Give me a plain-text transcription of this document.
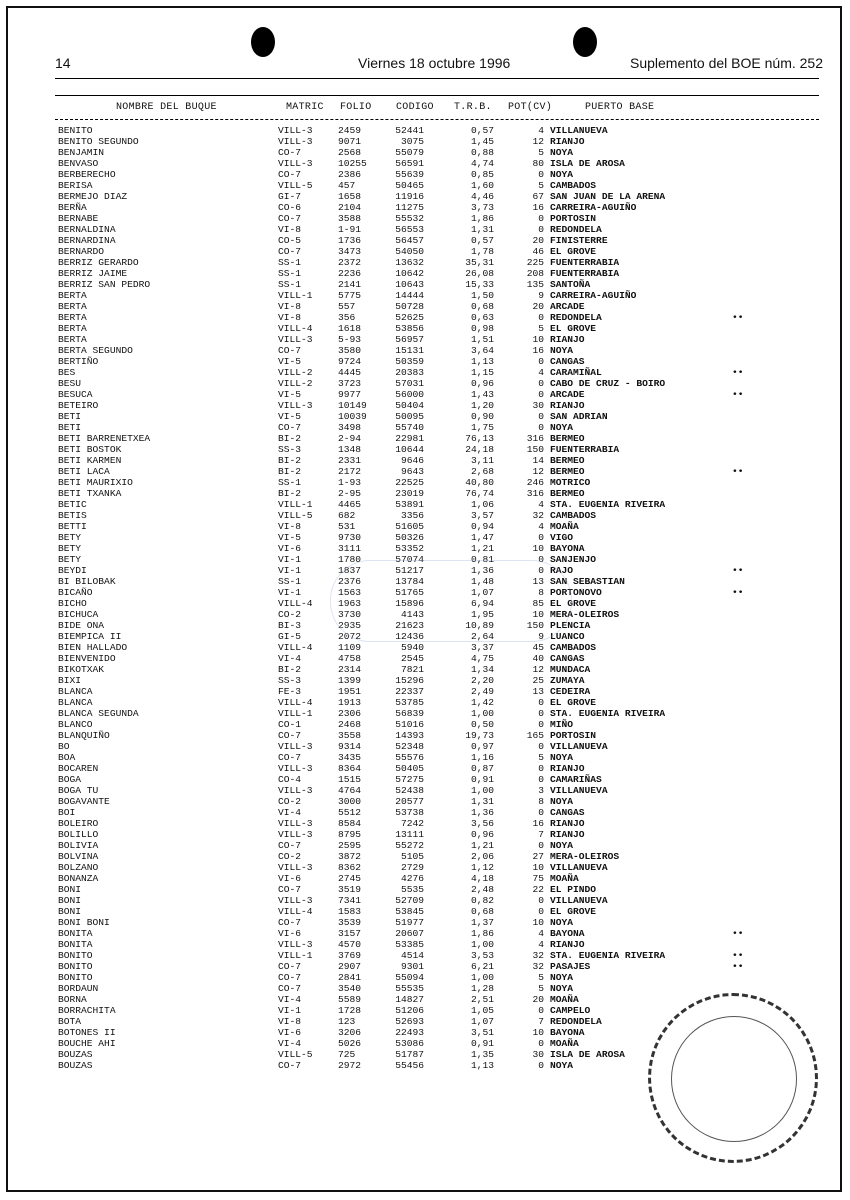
14	Viernes 18 octubre 1996	Suplemento del BOE núm. 252
NOMBRE DEL BUQUE	MATRIC FOLIO CODIGO T.R.B. POT(CV)	PUERTO BASE
BENITO	VILL-3	2459	52441	0,57	4 VILLANUEVA
BENITO SEGUNDO	VILL-3	9071	3075	1,45	12 RIANJO
BENJAMIN	CO-7	2568	55079	0,88	5 NOYA
BENVASO	VILL-3	10255	56591	4,74	80 ISLA DE AROSA
BERBERECHO	CO-7	2386	55639	0,85	0 NOYA
BERISA	VILL-5	457	50465	1,60	5 CAMBADOS
BERMEJO DIAZ	GI-7	1658	11916	4,46	67 SAN JUAN DE LA ARENA
BERÑA	CO-6	2104	11275	3,73	16 CARREIRA-AGUIÑO
BERNABE	CO-7	3588	55532	1,86	0 PORTOSIN
BERNALDINA	VI-8	1-91	56553	1,31	0 REDONDELA
BERNARDINA	CO-5	1736	56457	0,57	20 FINISTERRE
BERNARDO	CO-7	3473	54050	1,78	46 EL GROVE
BERRIZ GERARDO	SS-1	2372	13632	35,31	225 FUENTERRABIA
BERRIZ JAIME	SS-1	2236	10642	26,08	208 FUENTERRABIA
BERRIZ SAN PEDRO	SS-1	2141	10643	15,33	135 SANTOÑA
BERTA	VILL-1	5775	14444	1,50	9 CARREIRA-AGUIÑO
BERTA	VI-8	557	50728	0,68	20 ARCADE
BERTA	VI-8	356	52625	0,63	0 REDONDELA	••
BERTA	VILL-4	1618	53856	0,98	5 EL GROVE
BERTA	VILL-3	5-93	56957	1,51	10 RIANJO
BERTA SEGUNDO	CO-7	3580	15131	3,64	16 NOYA
BERTIÑO	VI-5	9724	50359	1,13	0 CANGAS
BES	VILL-2	4445	20383	1,15	4 CARAMIÑAL	••
BESU	VILL-2	3723	57031	0,96	0 CABO DE CRUZ - BOIRO
BESUCA	VI-5	9977	56000	1,43	0 ARCADE	••
BETEIRO	VILL-3	10149	50404	1,20	30 RIANJO
BETI	VI-5	10039	50095	0,90	0 SAN ADRIAN
BETI	CO-7	3498	55740	1,75	0 NOYA
BETI BARRENETXEA	BI-2	2-94	22981	76,13	316 BERMEO
BETI BOSTOK	SS-3	1348	10644	24,18	150 FUENTERRABIA
BETI KARMEN	BI-2	2331	9646	3,11	14 BERMEO
BETI LACA	BI-2	2172	9643	2,68	12 BERMEO	••
BETI MAURIXIO	SS-1	1-93	22525	40,80	246 MOTRICO
BETI TXANKA	BI-2	2-95	23019	76,74	316 BERMEO
BETIC	VILL-1	4465	53891	1,06	4 STA. EUGENIA RIVEIRA
BETIS	VILL-5	682	3356	3,57	32 CAMBADOS
BETTI	VI-8	531	51605	0,94	4 MOAÑA
BETY	VI-5	9730	50326	1,47	0 VIGO
BETY	VI-6	3111	53352	1,21	10 BAYONA
BETY	VI-1	1780	57074	0,81	0 SANJENJO
BEYDI	VI-1	1837	51217	1,36	0 RAJO	••
BI BILOBAK	SS-1	2376	13784	1,48	13 SAN SEBASTIAN
BICAÑO	VI-1	1563	51765	1,07	8 PORTONOVO	••
BICHO	VILL-4	1963	15896	6,94	85 EL GROVE
BICHUCA	CO-2	3730	4143	1,95	10 MERA-OLEIROS
BIDE ONA	BI-3	2935	21623	10,89	150 PLENCIA
BIEMPICA II	GI-5	2072	12436	2,64	9 LUANCO
BIEN HALLADO	VILL-4	1109	5940	3,37	45 CAMBADOS
BIENVENIDO	VI-4	4758	2545	4,75	40 CANGAS
BIKOTXAK	BI-2	2314	7821	1,34	12 MUNDACA
BIXI	SS-3	1399	15296	2,20	25 ZUMAYA
BLANCA	FE-3	1951	22337	2,49	13 CEDEIRA
BLANCA	VILL-4	1913	53785	1,42	0 EL GROVE
BLANCA SEGUNDA	VILL-1	2306	56839	1,00	0 STA. EUGENIA RIVEIRA
BLANCO	CO-1	2468	51016	0,50	0 MIÑO
BLANQUIÑO	CO-7	3558	14393	19,73	165 PORTOSIN
BO	VILL-3	9314	52348	0,97	0 VILLANUEVA
BOA	CO-7	3435	55576	1,16	5 NOYA
BOCAREN	VILL-3	8364	50405	0,87	0 RIANJO
BOGA	CO-4	1515	57275	0,91	0 CAMARIÑAS
BOGA TU	VILL-3	4764	52438	1,00	3 VILLANUEVA
BOGAVANTE	CO-2	3000	20577	1,31	8 NOYA
BOI	VI-4	5512	53738	1,36	0 CANGAS
BOLEIRO	VILL-3	8584	7242	3,56	16 RIANJO
BOLILLO	VILL-3	8795	13111	0,96	7 RIANJO
BOLIVIA	CO-7	2595	55272	1,21	0 NOYA
BOLVINA	CO-2	3872	5105	2,06	27 MERA-OLEIROS
BOLZANO	VILL-3	8362	2729	1,12	10 VILLANUEVA
BONANZA	VI-6	2745	4276	4,18	75 MOAÑA
BONI	CO-7	3519	5535	2,48	22 EL PINDO
BONI	VILL-3	7341	52709	0,82	0 VILLANUEVA
BONI	VILL-4	1583	53845	0,68	0 EL GROVE
BONI BONI	CO-7	3539	51977	1,37	10 NOYA
BONITA	VI-6	3157	20607	1,86	4 BAYONA	••
BONITA	VILL-3	4570	53385	1,00	4 RIANJO
BONITO	VILL-1	3769	4514	3,53	32 STA. EUGENIA RIVEIRA	••
BONITO	CO-7	2907	9301	6,21	32 PASAJES	••
BONITO	CO-7	2841	55094	1,00	5 NOYA
BORDAUN	CO-7	3540	55535	1,28	5 NOYA
BORNA	VI-4	5589	14827	2,51	20 MOAÑA
BORRACHITA	VI-1	1728	51206	1,05	0 CAMPELO
BOTA	VI-8	123	52693	1,07	7 REDONDELA
BOTONES II	VI-6	3206	22493	3,51	10 BAYONA
BOUCHE AHI	VI-4	5026	53086	0,91	0 MOAÑA
BOUZAS	VILL-5	725	51787	1,35	30 ISLA DE AROSA
BOUZAS	CO-7	2972	55456	1,13	0 NOYA
